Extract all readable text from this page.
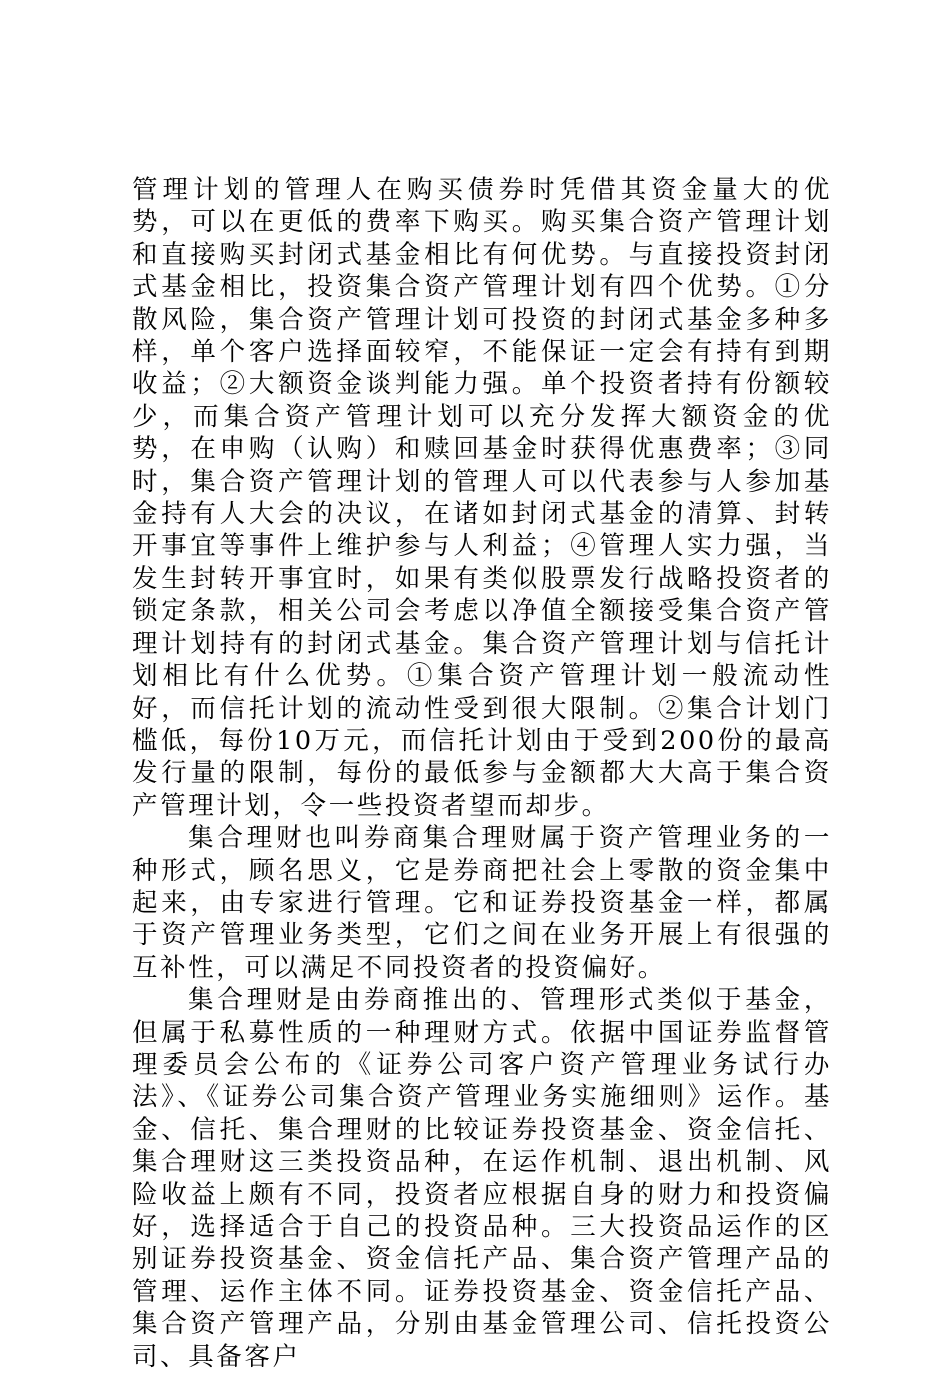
管理计划的管理人在购买债券时凭借其资金量大的优势，可以在更低的费率下购买。购买集合资产管理计划和直接购买封闭式基金相比有何优势。与直接投资封闭式基金相比，投资集合资产管理计划有四个优势。①分散风险，集合资产管理计划可投资的封闭式基金多种多样，单个客户选择面较窄，不能保证一定会有持有到期收益；②大额资金谈判能力强。单个投资者持有份额较少，而集合资产管理计划可以充分发挥大额资金的优势，在申购（认购）和赎回基金时获得优惠费率；③同时，集合资产管理计划的管理人可以代表参与人参加基金持有人大会的决议，在诸如封闭式基金的清算、封转开事宜等事件上维护参与人利益；④管理人实力强，当发生封转开事宜时，如果有类似股票发行战略投资者的锁定条款，相关公司会考虑以净值全额接受集合资产管理计划持有的封闭式基金。集合资产管理计划与信托计划相比有什么优势。①集合资产管理计划一般流动性好，而信托计划的流动性受到很大限制。②集合计划门槛低，每份10万元，而信托计划由于受到200份的最高发行量的限制，每份的最低参与金额都大大高于集合资产管理计划，令一些投资者望而却步。

集合理财也叫券商集合理财属于资产管理业务的一种形式，顾名思义，它是券商把社会上零散的资金集中起来，由专家进行管理。它和证券投资基金一样，都属于资产管理业务类型，它们之间在业务开展上有很强的互补性，可以满足不同投资者的投资偏好。

集合理财是由券商推出的、管理形式类似于基金，但属于私募性质的一种理财方式。依据中国证券监督管理委员会公布的《证券公司客户资产管理业务试行办法》、《证券公司集合资产管理业务实施细则》运作。基金、信托、集合理财的比较证券投资基金、资金信托、集合理财这三类投资品种，在运作机制、退出机制、风险收益上颇有不同，投资者应根据自身的财力和投资偏好，选择适合于自己的投资品种。三大投资品运作的区别证券投资基金、资金信托产品、集合资产管理产品的管理、运作主体不同。证券投资基金、资金信托产品、集合资产管理产品，分别由基金管理公司、信托投资公司、具备客户
